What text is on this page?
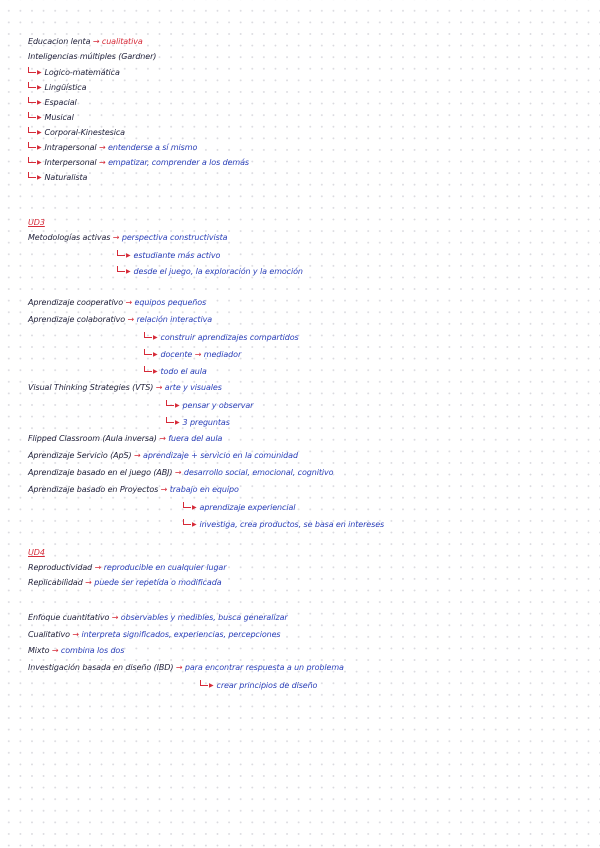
Educacion lenta → cualitativa
Inteligencias múltiples (Gardner)
▶ Logico-matemática
▶ Lingüística
▶ Espacial
▶ Musical
▶ Corporal-Kinestesica
▶ Intrapersonal → entenderse a sí mismo
▶ Interpersonal → empatizar, comprender a los demás
▶ Naturalista
UD3
Metodologías activas → perspectiva constructivista
▶ estudiante más activo
▶ desde el juego, la exploración y la emoción
Aprendizaje cooperativo → equipos pequeños
Aprendizaje colaborativo → relación interactiva
▶ construir aprendizajes compartidos
▶ docente → mediador
▶ todo el aula
Visual Thinking Strategies (VTS) → arte y visuales
▶ pensar y observar
▶ 3 preguntas
Flipped Classroom (Aula inversa) → fuera del aula
Aprendizaje Servicio (ApS) → aprendizaje + servicio en la comunidad
Aprendizaje basado en el juego (ABJ) → desarrollo social, emocional, cognitivo
Aprendizaje basado en Proyectos → trabajo en equipo
▶ aprendizaje experiencial
▶ investiga, crea productos, se basa en intereses
UD4
Reproductividad → reproducible en cualquier lugar
Replicabilidad → puede ser repetida o modificada
Enfoque cuantitativo → observables y medibles, busca generalizar
Cualitativo → interpreta significados, experiencias, percepciones
Mixto → combina los dos
Investigación basada en diseño (IBD) → para encontrar respuesta a un problema
▶ crear principios de diseño
